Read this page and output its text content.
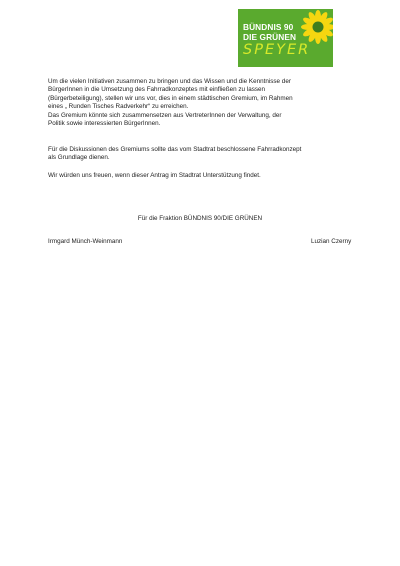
BÜNDNIS 90
DIE GRÜNEN
SPEYER

Um die vielen Initiativen zusammen zu bringen und das Wissen und die Kenntnisse der

BürgerInnen in die Umsetzung des Fahrradkonzeptes mit einfließen zu lassen

(Bürgerbeteiligung), stellen wir uns vor, dies in einem städtischen Gremium, im Rahmen

eines „ Runden Tisches Radverkehr“ zu erreichen.

Das Gremium könnte sich zusammensetzen aus VertreterInnen der Verwaltung, der

Politik sowie interessierten BürgerInnen.

Für die Diskussionen des Gremiums sollte das vom Stadtrat beschlossene Fahrradkonzept

als Grundlage dienen.

Wir würden uns freuen, wenn dieser Antrag im Stadtrat Unterstützung findet.

Für die Fraktion BÜNDNIS 90/DIE GRÜNEN
Irmgard Münch-Weinmann	Luzian Czerny
